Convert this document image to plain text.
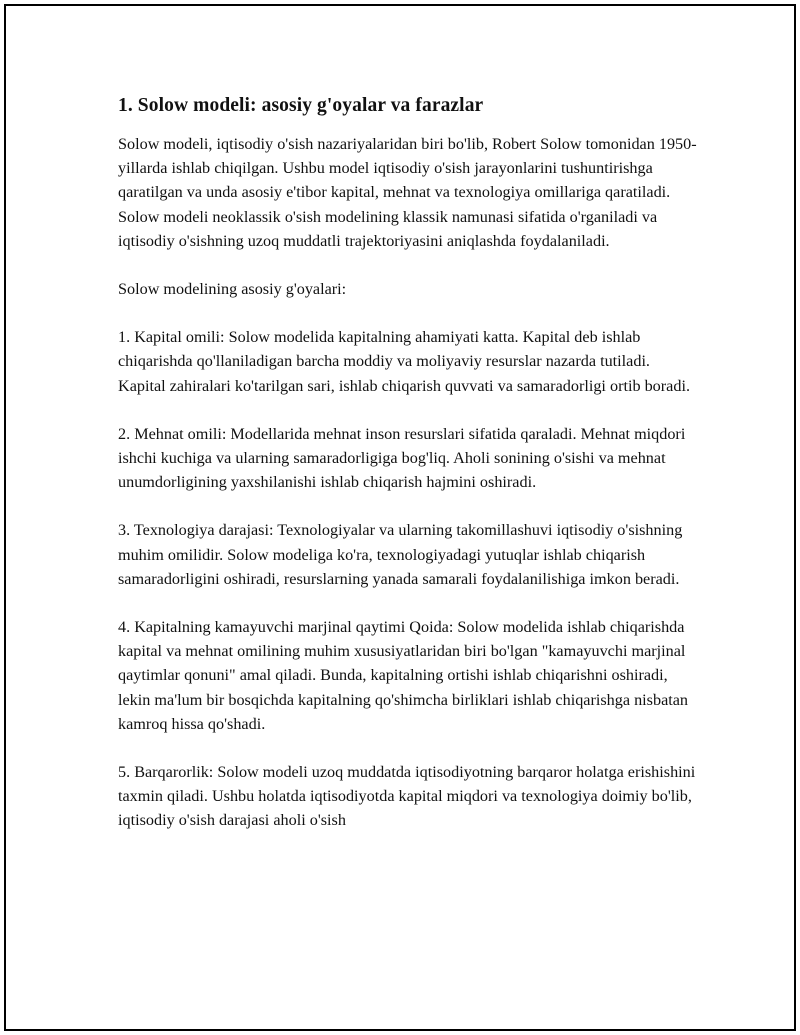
1. Solow modeli: asosiy g'oyalar va farazlar

Solow modeli, iqtisodiy o'sish nazariyalaridan biri bo'lib, Robert Solow tomonidan 1950-yillarda ishlab chiqilgan. Ushbu model iqtisodiy o'sish jarayonlarini tushuntirishga qaratilgan va unda asosiy e'tibor kapital, mehnat va texnologiya omillariga qaratiladi. Solow modeli neoklassik o'sish modelining klassik namunasi sifatida o'rganiladi va iqtisodiy o'sishning uzoq muddatli trajektoriyasini aniqlashda foydalaniladi.

Solow modelining asosiy g'oyalari:

1. Kapital omili: Solow modelida kapitalning ahamiyati katta. Kapital deb ishlab chiqarishda qo'llaniladigan barcha moddiy va moliyaviy resurslar nazarda tutiladi. Kapital zahiralari ko'tarilgan sari, ishlab chiqarish quvvati va samaradorligi ortib boradi.

2. Mehnat omili: Modellarida mehnat inson resurslari sifatida qaraladi. Mehnat miqdori ishchi kuchiga va ularning samaradorligiga bog'liq. Aholi sonining o'sishi va mehnat unumdorligining yaxshilanishi ishlab chiqarish hajmini oshiradi.

3. Texnologiya darajasi: Texnologiyalar va ularning takomillashuvi iqtisodiy o'sishning muhim omilidir. Solow modeliga ko'ra, texnologiyadagi yutuqlar ishlab chiqarish samaradorligini oshiradi, resurslarning yanada samarali foydalanilishiga imkon beradi.

4. Kapitalning kamayuvchi marjinal qaytimi Qoida: Solow modelida ishlab chiqarishda kapital va mehnat omilining muhim xususiyatlaridan biri bo'lgan "kamayuvchi marjinal qaytimlar qonuni" amal qiladi. Bunda, kapitalning ortishi ishlab chiqarishni oshiradi, lekin ma'lum bir bosqichda kapitalning qo'shimcha birliklari ishlab chiqarishga nisbatan kamroq hissa qo'shadi.

5. Barqarorlik: Solow modeli uzoq muddatda iqtisodiyotning barqaror holatga erishishini taxmin qiladi. Ushbu holatda iqtisodiyotda kapital miqdori va texnologiya doimiy bo'lib, iqtisodiy o'sish darajasi aholi o'sish
